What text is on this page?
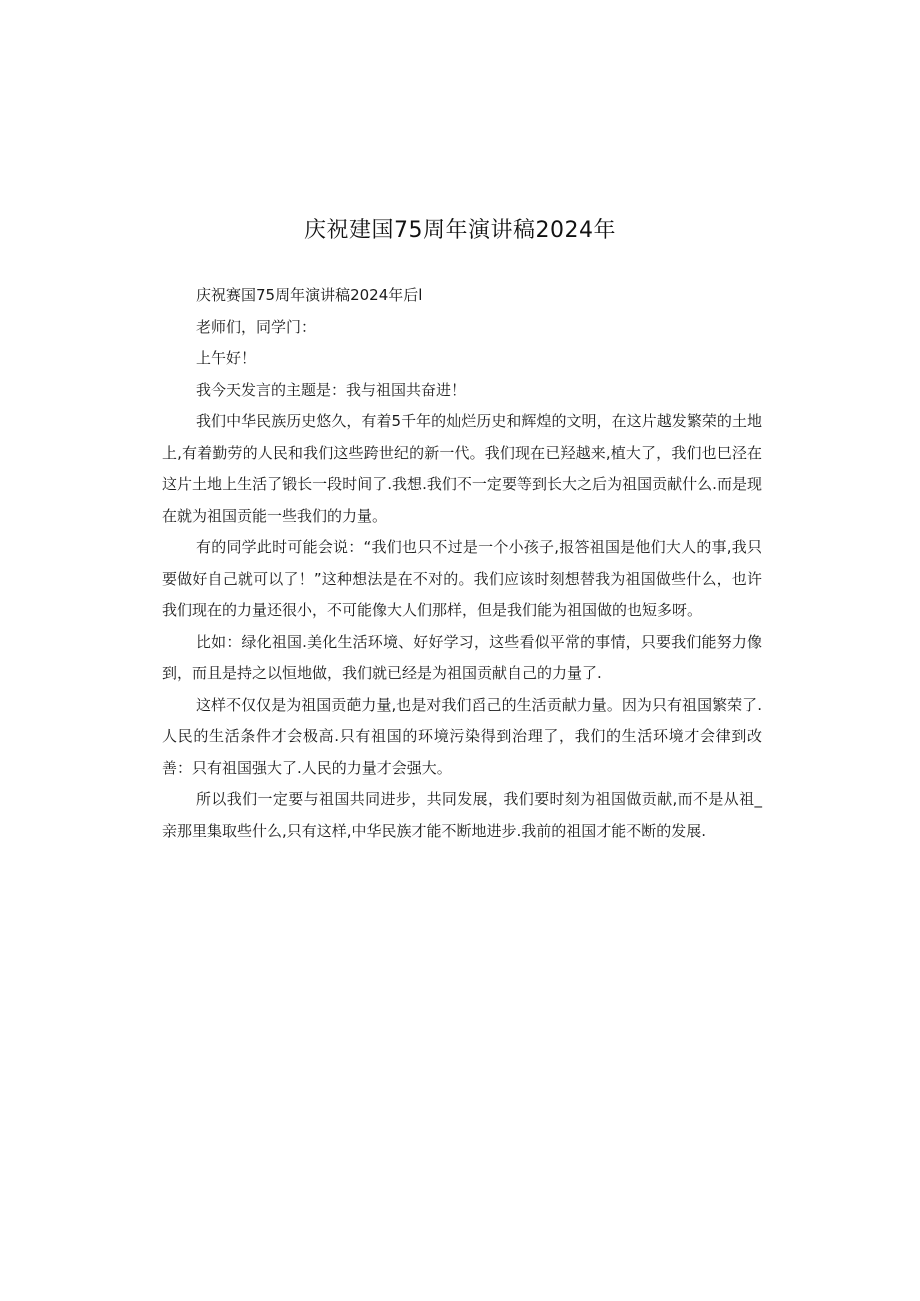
庆祝建国75周年演讲稿2024年

庆祝赛国75周年演讲稿2024年后l

老师们，同学门：

上午好！

我今天发言的主题是：我与祖国共奋进！

我们中华民族历史悠久，有着5千年的灿烂历史和辉煌的文明，在这片越发繁荣的土地上,有着勤劳的人民和我们这些跨世纪的新一代。我们现在已羟越来,植大了，我们也巳泾在这片土地上生活了锻长一段时间了.我想.我们不一定要等到长大之后为祖国贡献什么.而是现在就为祖国贡能一些我们的力量。

有的同学此时可能会说：“我们也只不过是一个小孩子,报答祖国是他们大人的事,我只要做好自己就可以了！”这种想法是在不对的。我们应该时刻想替我为祖国做些什么，也许我们现在的力量还很小，不可能像大人们那样，但是我们能为祖国做的也短多呀。

比如：绿化祖国.美化生活环境、好好学习，这些看似平常的事情，只要我们能努力像到，而且是持之以恒地做，我们就已经是为祖国贡献自己的力量了.

这样不仅仅是为祖国贡葩力量,也是对我们舀己的生活贡献力量。因为只有祖国繁荣了.人民的生活条件才会极高.只有祖国的环境污染得到治理了，我们的生活环境才会律到改善：只有祖国强大了.人民的力量才会强大。

所以我们一定要与祖国共同进步，共同发展，我们要时刻为祖国做贡献,而不是从祖_亲那里集取些什么,只有这样,中华民族才能不断地进步.我前的祖国才能不断的发展.
